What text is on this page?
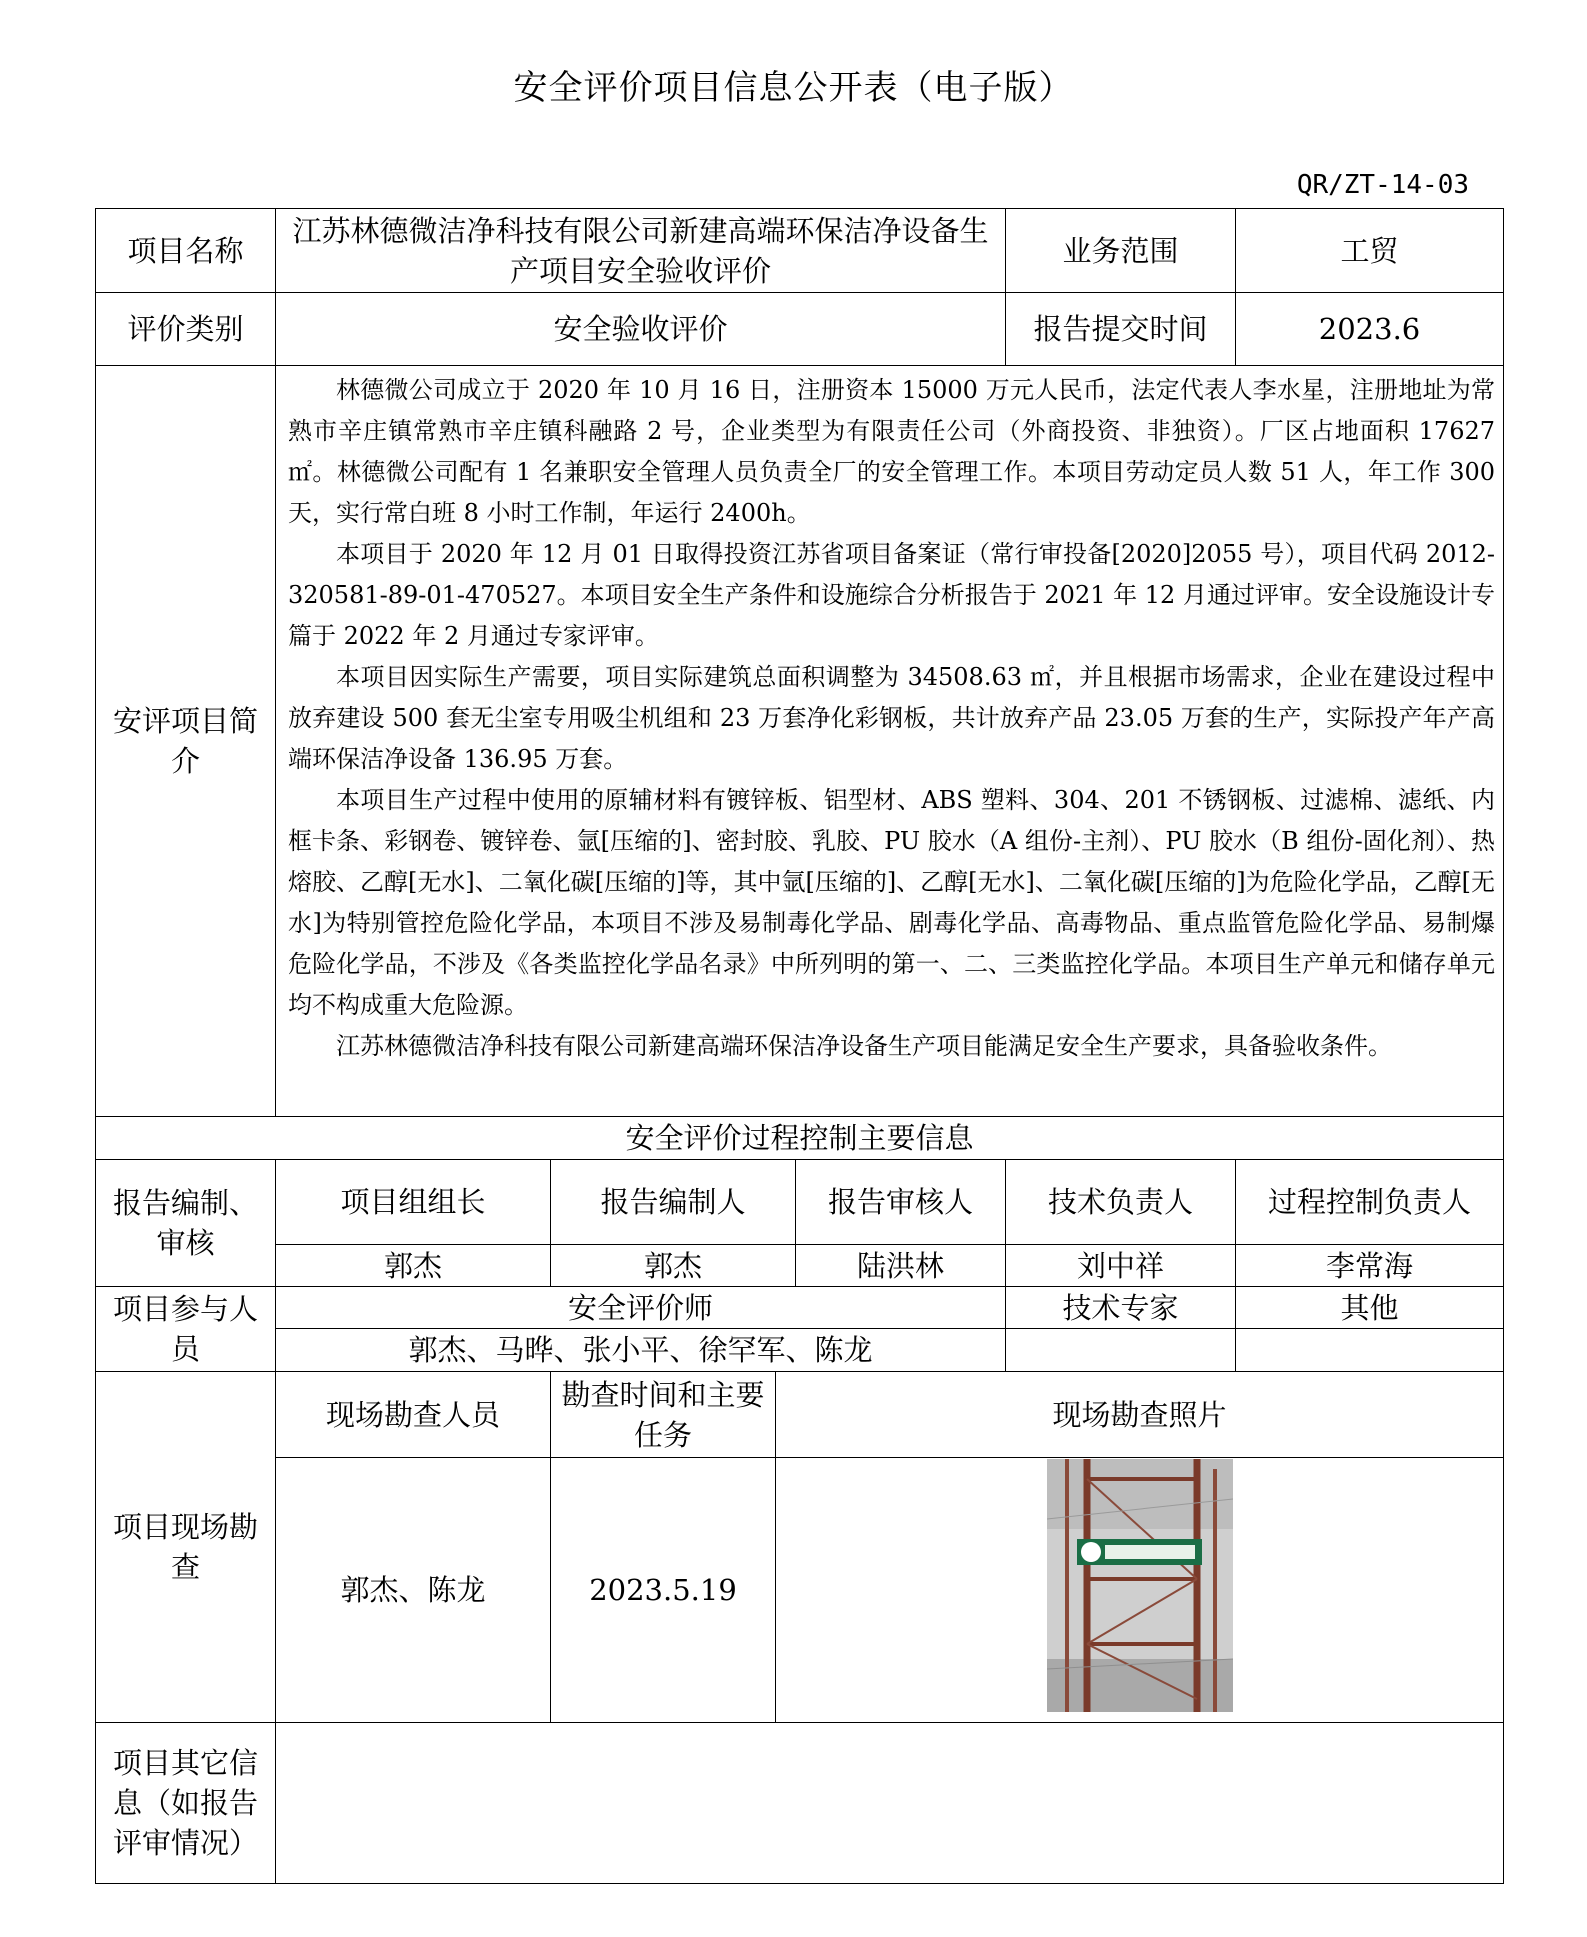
安全评价项目信息公开表（电子版）
QR/ZT-14-03
项目名称	江苏林德微洁净科技有限公司新建高端环保洁净设备生产项目安全验收评价				业务范围	工贸
评价类别	安全验收评价				报告提交时间	2023.6
安评项目简介	林德微公司成立于 2020 年 10 月 16 日，注册资本 15000 万元人民币，法定代表人李水星，注册地址为常熟市辛庄镇常熟市辛庄镇科融路 2 号，企业类型为有限责任公司（外商投资、非独资）。厂区占地面积 17627 ㎡。林德微公司配有 1 名兼职安全管理人员负责全厂的安全管理工作。本项目劳动定员人数 51 人，年工作 300 天，实行常白班 8 小时工作制，年运行 2400h。

本项目于 2020 年 12 月 01 日取得投资江苏省项目备案证（常行审投备[2020]2055 号），项目代码 2012-320581-89-01-470527。本项目安全生产条件和设施综合分析报告于 2021 年 12 月通过评审。安全设施设计专篇于 2022 年 2 月通过专家评审。

本项目因实际生产需要，项目实际建筑总面积调整为 34508.63 ㎡，并且根据市场需求，企业在建设过程中放弃建设 500 套无尘室专用吸尘机组和 23 万套净化彩钢板，共计放弃产品 23.05 万套的生产，实际投产年产高端环保洁净设备 136.95 万套。

本项目生产过程中使用的原辅材料有镀锌板、铝型材、ABS 塑料、304、201 不锈钢板、过滤棉、滤纸、内框卡条、彩钢卷、镀锌卷、氩[压缩的]、密封胶、乳胶、PU 胶水（A 组份-主剂）、PU 胶水（B 组份-固化剂）、热熔胶、乙醇[无水]、二氧化碳[压缩的]等，其中氩[压缩的]、乙醇[无水]、二氧化碳[压缩的]为危险化学品，乙醇[无水]为特别管控危险化学品，本项目不涉及易制毒化学品、剧毒化学品、高毒物品、重点监管危险化学品、易制爆危险化学品，不涉及《各类监控化学品名录》中所列明的第一、二、三类监控化学品。本项目生产单元和储存单元均不构成重大危险源。

江苏林德微洁净科技有限公司新建高端环保洁净设备生产项目能满足安全生产要求，具备验收条件。					

安全评价过程控制主要信息						
报告编制、审核	项目组组长	报告编制人		报告审核人	技术负责人	过程控制负责人
	郭杰	郭杰		陆洪林	刘中祥	李常海
项目参与人员	安全评价师				技术专家	其他
	郭杰、马晔、张小平、徐罕军、陈龙					
项目现场勘查	现场勘查人员	勘查时间和主要任务	现场勘查照片			
	郭杰、陈龙	2023.5.19	

项目其它信息（如报告评审情况）						
